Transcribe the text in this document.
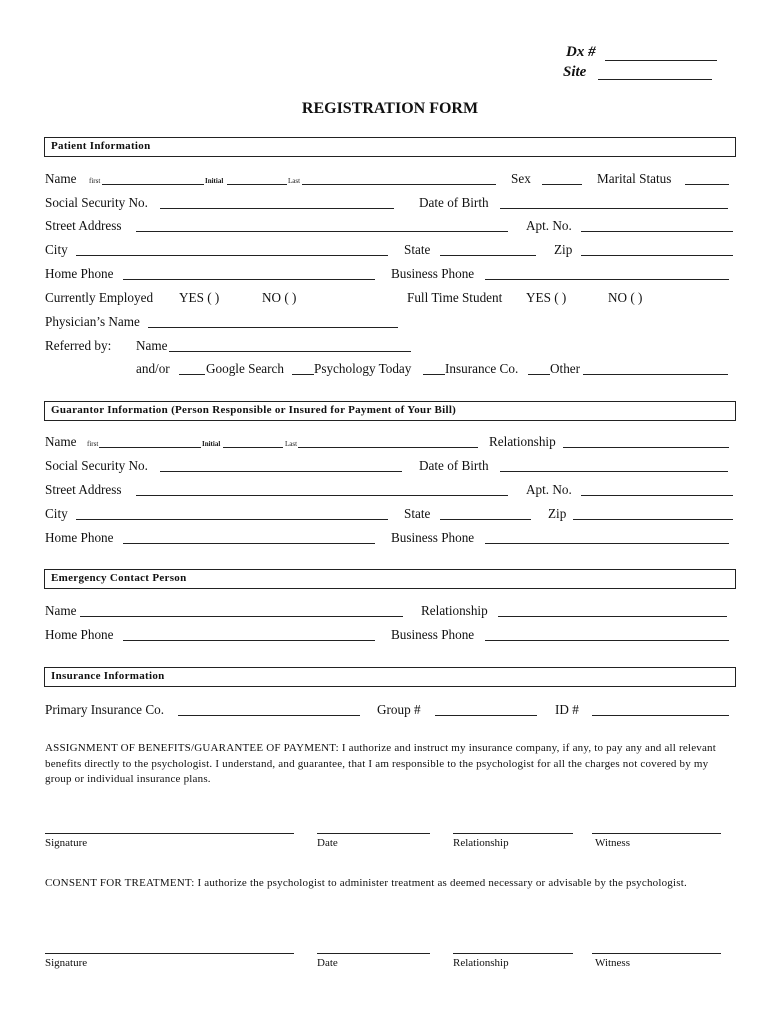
Dx #
Site
REGISTRATION FORM
Patient Information
Name first	Initial	Last	Sex	Marital Status
Social Security No.	Date of Birth
Street Address	Apt. No.
City	State	Zip
Home Phone	Business Phone
Currently Employed YES ( )	NO ( )	Full Time Student YES ( )	NO ( )
Physician’s Name
Referred by: Name
and/or	Google Search Psychology Today	Insurance Co. Other
Guarantor Information (Person Responsible or Insured for Payment of Your Bill)
Name first	Initial	Last	Relationship
Social Security No.	Date of Birth
Street Address	Apt. No.
City	State	Zip
Home Phone	Business Phone
Emergency Contact Person
Name	Relationship
Home Phone	Business Phone
Insurance Information
Primary Insurance Co.	Group #	ID #
ASSIGNMENT OF BENEFITS/GUARANTEE OF PAYMENT: I authorize and instruct my insurance company, if any, to pay any and all relevant benefits directly to the psychologist. I understand, and guarantee, that I am responsible to the psychologist for all the charges not covered by my group or individual insurance plans.
Signature	Date	Relationship	Witness
CONSENT FOR TREATMENT: I authorize the psychologist to administer treatment as deemed necessary or advisable by the psychologist.
Signature	Date	Relationship	Witness
